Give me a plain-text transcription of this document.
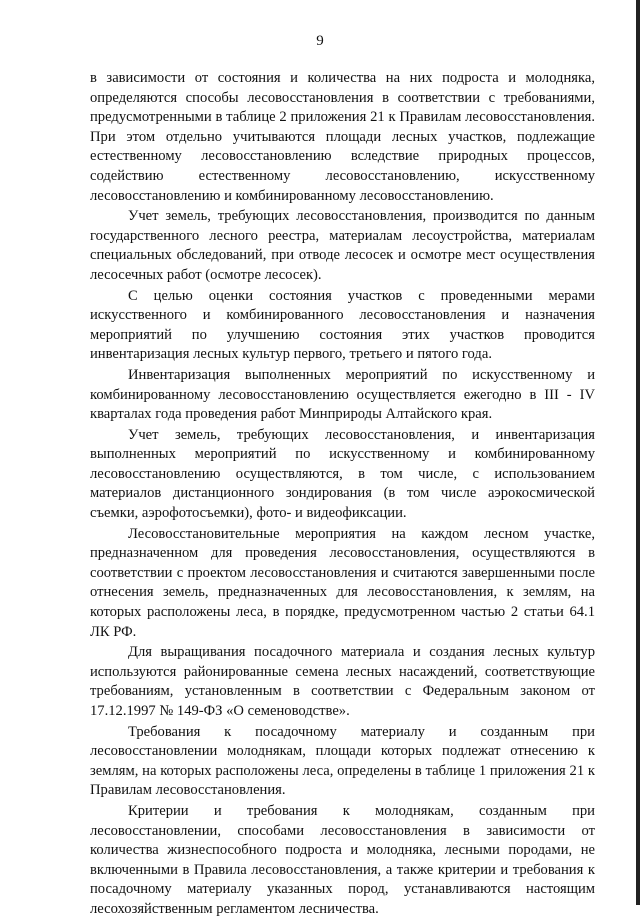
9

в зависимости от состояния и количества на них подроста и молодняка, определяются способы лесовосстановления в соответствии с требованиями, предусмотренными в таблице 2 приложения 21 к Правилам лесовосстановления. При этом отдельно учитываются площади лесных участков, подлежащие естественному лесовосстановлению вследствие природных процессов, содействию естественному лесовосстановлению, искусственному лесовосстановлению и комбинированному лесовосстановлению.

Учет земель, требующих лесовосстановления, производится по данным государственного лесного реестра, материалам лесоустройства, материалам специальных обследований, при отводе лесосек и осмотре мест осуществления лесосечных работ (осмотре лесосек).

С целью оценки состояния участков с проведенными мерами искусственного и комбинированного лесовосстановления и назначения мероприятий по улучшению состояния этих участков проводится инвентаризация лесных культур первого, третьего и пятого года.

Инвентаризация выполненных мероприятий по искусственному и комбинированному лесовосстановлению осуществляется ежегодно в III - IV кварталах года проведения работ Минприроды Алтайского края.

Учет земель, требующих лесовосстановления, и инвентаризация выполненных мероприятий по искусственному и комбинированному лесовосстановлению осуществляются, в том числе, с использованием материалов дистанционного зондирования (в том числе аэрокосмической съемки, аэрофотосъемки), фото- и видеофиксации.

Лесовосстановительные мероприятия на каждом лесном участке, предназначенном для проведения лесовосстановления, осуществляются в соответствии с проектом лесовосстановления и считаются завершенными после отнесения земель, предназначенных для лесовосстановления, к землям, на которых расположены леса, в порядке, предусмотренном частью 2 статьи 64.1 ЛК РФ.

Для выращивания посадочного материала и создания лесных культур используются районированные семена лесных насаждений, соответствующие требованиям, установленным в соответствии с Федеральным законом от 17.12.1997 № 149-ФЗ «О семеноводстве».

Требования к посадочному материалу и созданным при лесовосстановлении молоднякам, площади которых подлежат отнесению к землям, на которых расположены леса, определены в таблице 1 приложения 21 к Правилам лесовосстановления.

Критерии и требования к молоднякам, созданным при лесовосстановлении, способами лесовосстановления в зависимости от количества жизнеспособного подроста и молодняка, лесными породами, не включенными в Правила лесовосстановления, а также критерии и требования к посадочному материалу указанных пород, устанавливаются настоящим лесохозяйственным регламентом лесничества.
